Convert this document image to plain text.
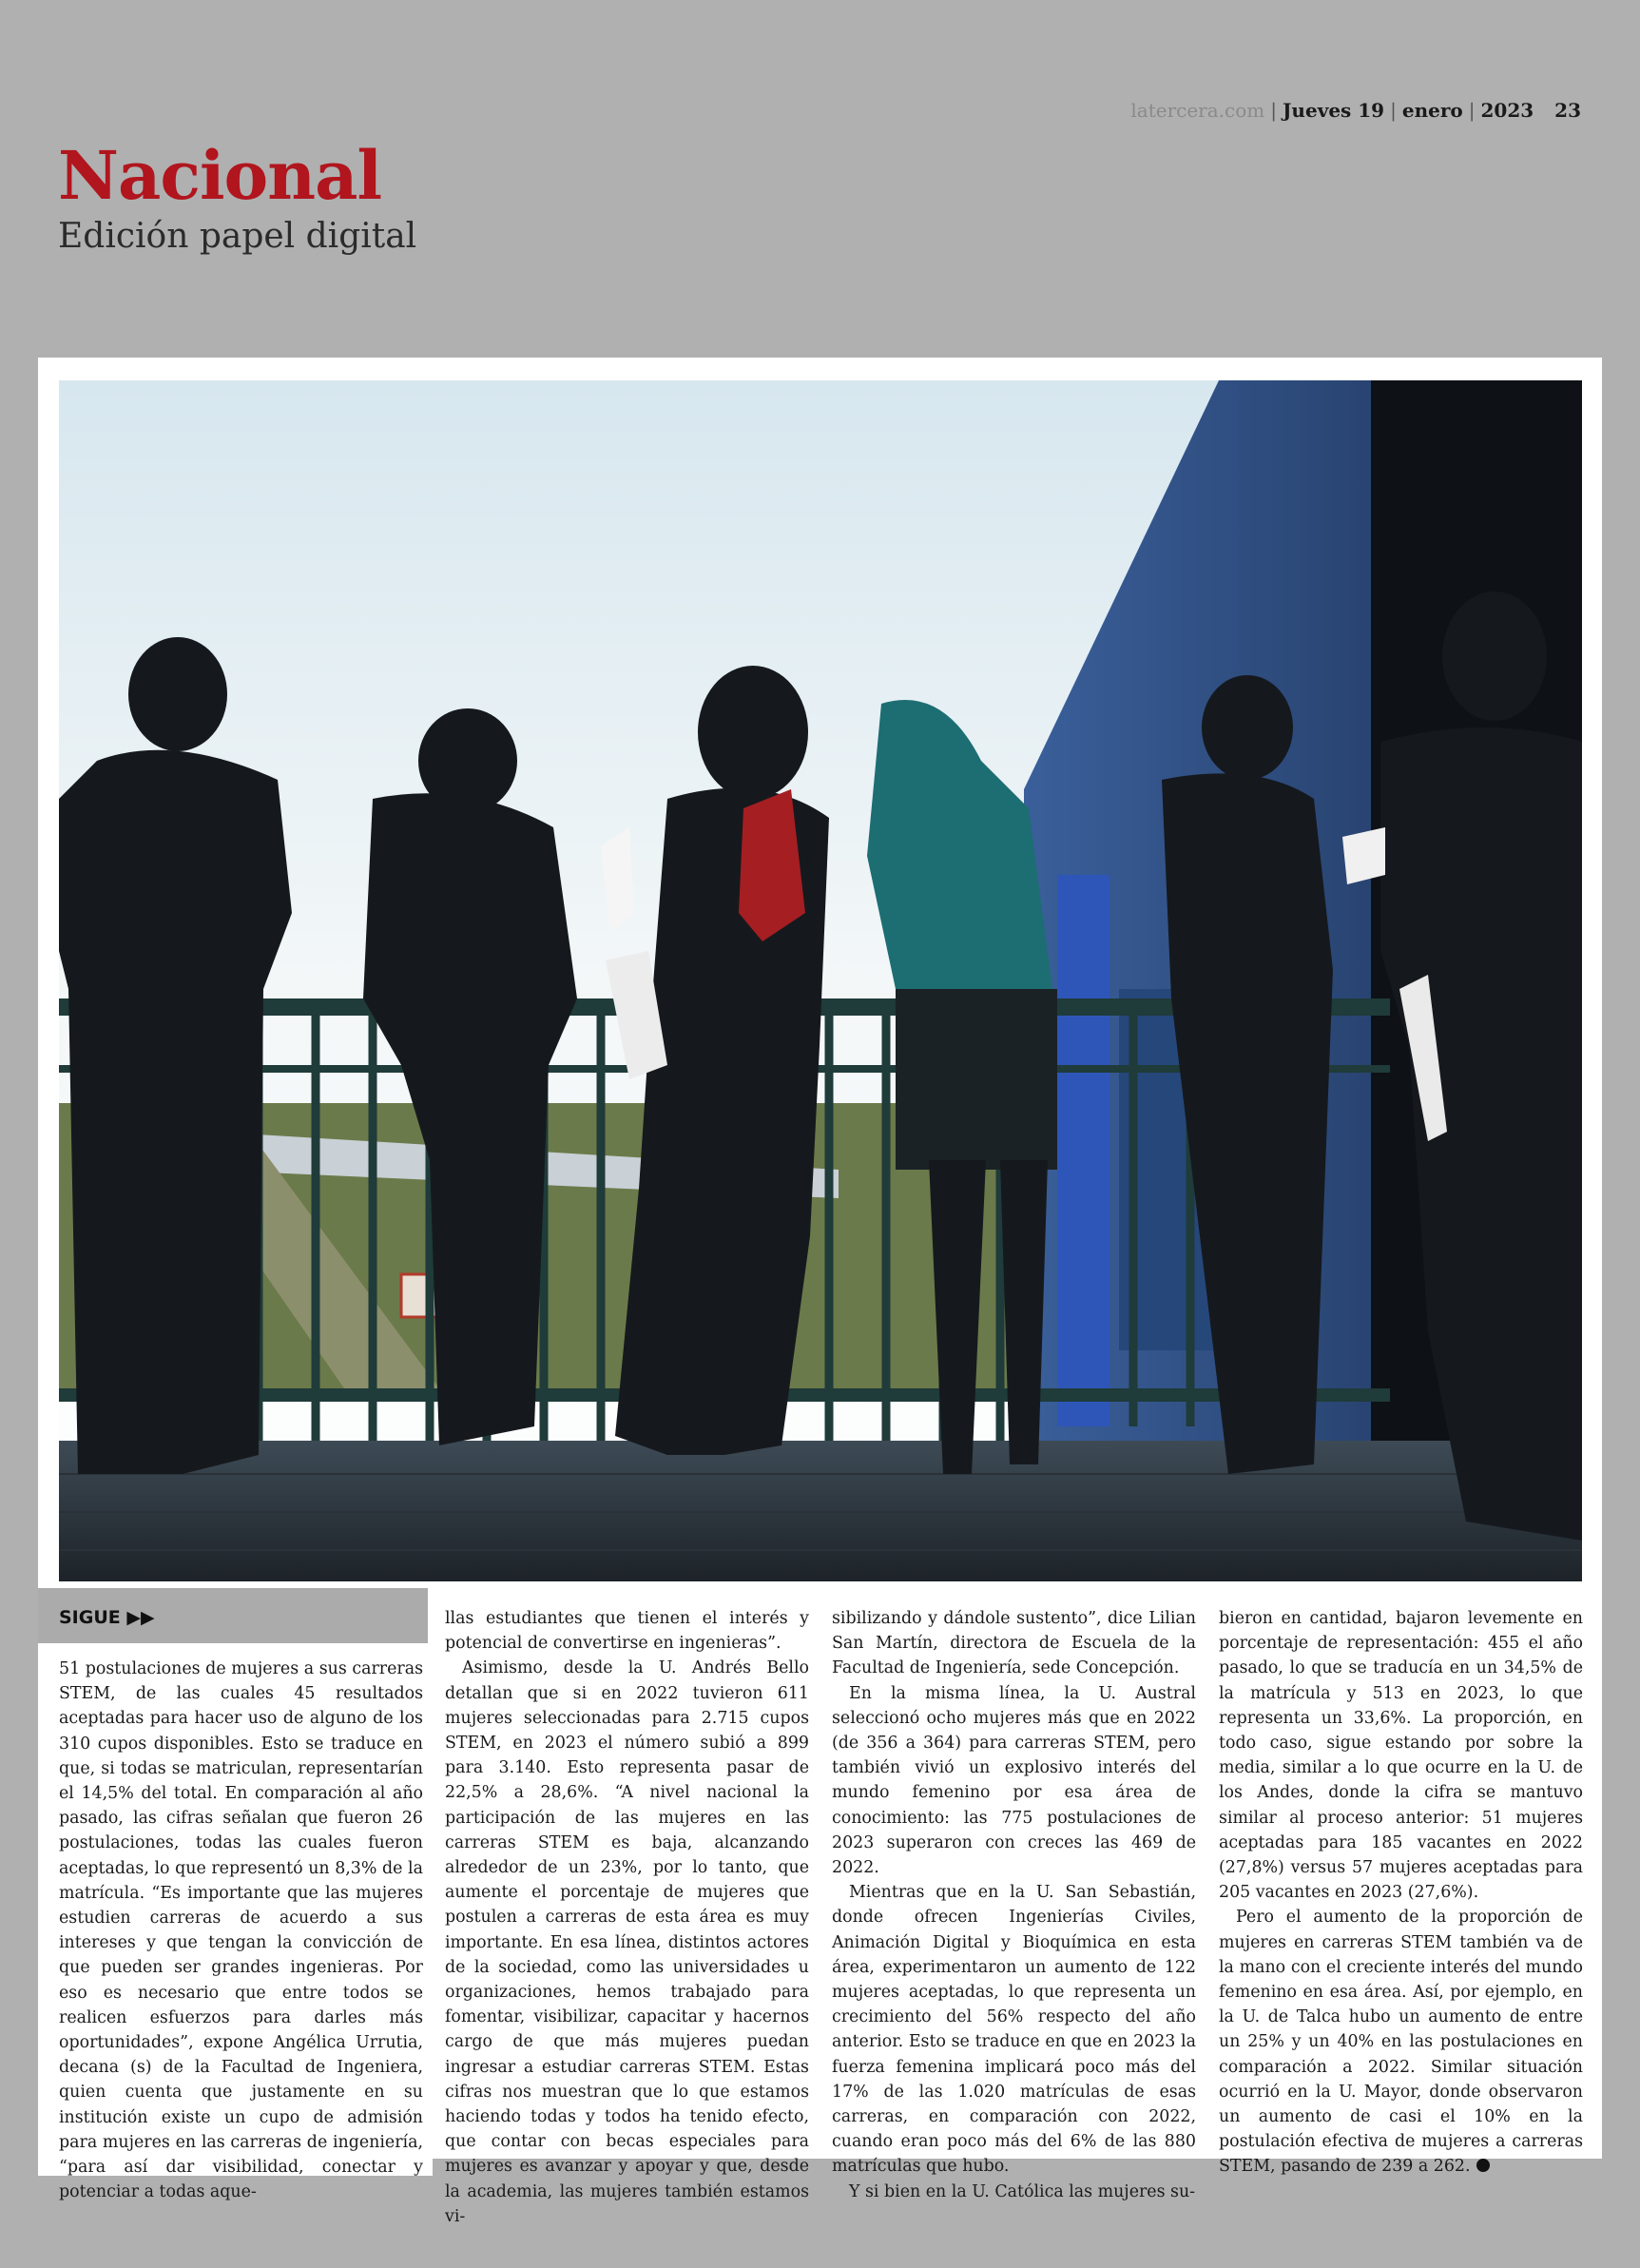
latercera.com | Jueves 19 | enero | 2023 23
Nacional
Edición papel digital
SIGUE ▶▶

51 postulaciones de mujeres a sus carreras STEM, de las cuales 45 resultados aceptadas para hacer uso de alguno de los 310 cupos disponibles. Esto se traduce en que, si todas se matriculan, representarían el 14,5% del total. En comparación al año pasado, las cifras señalan que fueron 26 postulaciones, todas las cuales fueron aceptadas, lo que representó un 8,3% de la matrícula. “Es importante que las mujeres estudien carreras de acuerdo a sus intereses y que tengan la convicción de que pueden ser grandes ingenieras. Por eso es necesario que entre todos se realicen esfuerzos para darles más oportunidades”, expone Angélica Urrutia, decana (s) de la Facultad de Ingeniera, quien cuenta que justamente en su institución existe un cupo de admisión para mujeres en las carreras de ingeniería, “para así dar visibilidad, conectar y potenciar a todas aque-

llas estudiantes que tienen el interés y potencial de convertirse en ingenieras”.

Asimismo, desde la U. Andrés Bello detallan que si en 2022 tuvieron 611 mujeres seleccionadas para 2.715 cupos STEM, en 2023 el número subió a 899 para 3.140. Esto representa pasar de 22,5% a 28,6%. “A nivel nacional la participación de las mujeres en las carreras STEM es baja, alcanzando alrededor de un 23%, por lo tanto, que aumente el porcentaje de mujeres que postulen a carreras de esta área es muy importante. En esa línea, distintos actores de la sociedad, como las universidades u organizaciones, hemos trabajado para fomentar, visibilizar, capacitar y hacernos cargo de que más mujeres puedan ingresar a estudiar carreras STEM. Estas cifras nos muestran que lo que estamos haciendo todas y todos ha tenido efecto, que contar con becas especiales para mujeres es avanzar y apoyar y que, desde la academia, las mujeres también estamos vi-

sibilizando y dándole sustento”, dice Lilian San Martín, directora de Escuela de la Facultad de Ingeniería, sede Concepción.

En la misma línea, la U. Austral seleccionó ocho mujeres más que en 2022 (de 356 a 364) para carreras STEM, pero también vivió un explosivo interés del mundo femenino por esa área de conocimiento: las 775 postulaciones de 2023 superaron con creces las 469 de 2022.

Mientras que en la U. San Sebastián, donde ofrecen Ingenierías Civiles, Animación Digital y Bioquímica en esta área, experimentaron un aumento de 122 mujeres aceptadas, lo que representa un crecimiento del 56% respecto del año anterior. Esto se traduce en que en 2023 la fuerza femenina implicará poco más del 17% de las 1.020 matrículas de esas carreras, en comparación con 2022, cuando eran poco más del 6% de las 880 matrículas que hubo.

Y si bien en la U. Católica las mujeres su-

bieron en cantidad, bajaron levemente en porcentaje de representación: 455 el año pasado, lo que se traducía en un 34,5% de la matrícula y 513 en 2023, lo que representa un 33,6%. La proporción, en todo caso, sigue estando por sobre la media, similar a lo que ocurre en la U. de los Andes, donde la cifra se mantuvo similar al proceso anterior: 51 mujeres aceptadas para 185 vacantes en 2022 (27,8%) versus 57 mujeres aceptadas para 205 vacantes en 2023 (27,6%).

Pero el aumento de la proporción de mujeres en carreras STEM también va de la mano con el creciente interés del mundo femenino en esa área. Así, por ejemplo, en la U. de Talca hubo un aumento de entre un 25% y un 40% en las postulaciones en comparación a 2022. Similar situación ocurrió en la U. Mayor, donde observaron un aumento de casi el 10% en la postulación efectiva de mujeres a carreras STEM, pasando de 239 a 262.
